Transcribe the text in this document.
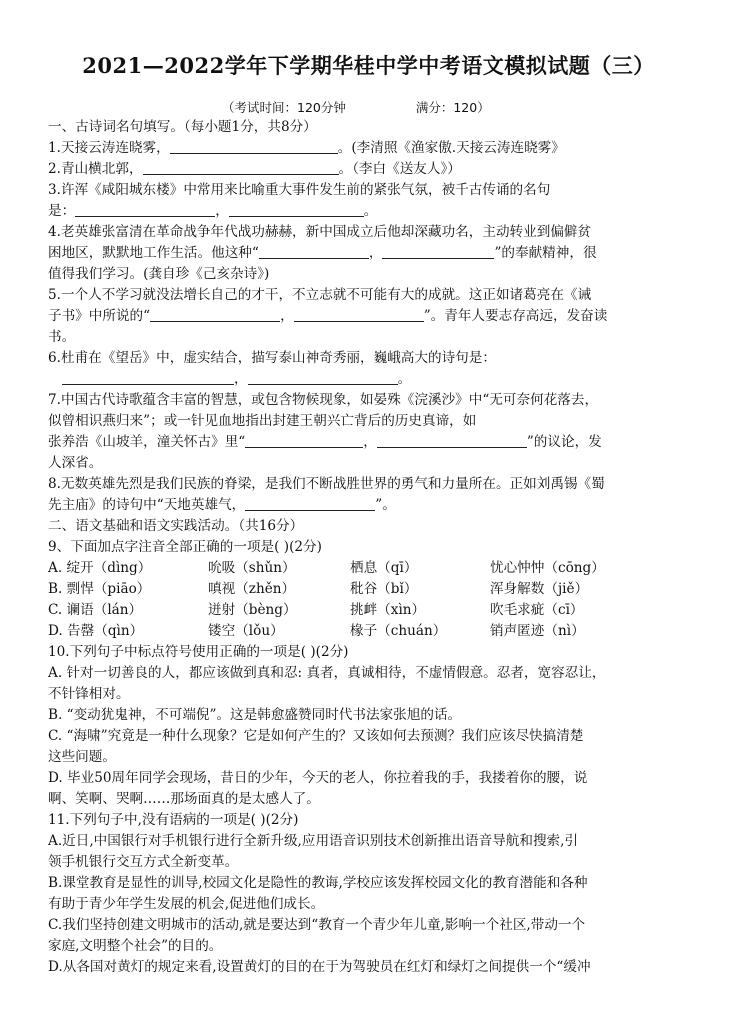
2021—2022学年下学期华桂中学中考语文模拟试题（三）
（考试时间：120分钟	满分：120）
一、古诗词名句填写。（每小题1分，共8分）
1.天接云涛连晓雾，	。(李清照《渔家傲.天接云涛连晓雾》
2.青山横北郭，	。（李白《送友人》）
3.许浑《咸阳城东楼》中常用来比喻重大事件发生前的紧张气氛，被千古传诵的名句
是：	，	。
4.老英雄张富清在革命战争年代战功赫赫，新中国成立后他却深藏功名，主动转业到偏僻贫
困地区，默默地工作生活。他这种“	，	”的奉献精神，很
值得我们学习。(龚自珍《己亥杂诗》)
5.一个人不学习就没法增长自己的才干，不立志就不可能有大的成就。这正如诸葛亮在《诫
子书》中所说的“	，	”。青年人要志存高远，发奋读
书。
6.杜甫在《望岳》中，虚实结合，描写泰山神奇秀丽，巍峨高大的诗句是：
，	。
7.中国古代诗歌蕴含丰富的智慧，或包含物候现象，如晏殊《浣溪沙》中“无可奈何花落去，
似曾相识燕归来”；或一针见血地指出封建王朝兴亡背后的历史真谛，如
张养浩《山坡羊，潼关怀古》里“	，	”的议论，发
人深省。
8.无数英雄先烈是我们民族的脊梁，是我们不断战胜世界的勇气和力量所在。正如刘禹锡《蜀
先主庙》的诗句中“天地英雄气，	”。
二、语文基础和语文实践活动。（共16分）
9、下面加点字注音全部正确的一项是( )(2分)
A. 绽开（dìng）	吮吸（shǔn）	栖息（qī）	忧心忡忡（cōng）
B. 剽悍（piāo）	嗔视（zhěn）	秕谷（bǐ）	浑身解数（jiě）
C. 谰语（lán）	迸射（bèng）	挑衅（xìn）	吹毛求疵（cī）
D. 告罄（qìn）	镂空（lǒu）	椽子（chuán）	销声匿迹（nì）
10.下列句子中标点符号使用正确的一项是( )(2分)
A. 针对一切善良的人，都应该做到真和忍: 真者，真诚相待，不虚情假意。忍者，宽容忍让，
不针锋相对。
B. “变动犹鬼神，不可端倪”。这是韩愈盛赞同时代书法家张旭的话。
C. “海啸”究竟是一种什么现象？它是如何产生的？又该如何去预测？我们应该尽快搞清楚
这些问题。
D. 毕业50周年同学会现场，昔日的少年，今天的老人，你拉着我的手，我搂着你的腰，说
啊、笑啊、哭啊……那场面真的是太感人了。
11.下列句子中,没有语病的一项是( )(2分)
A.近日,中国银行对手机银行进行全新升级,应用语音识别技术创新推出语音导航和搜索,引
领手机银行交互方式全新变革。
B.课堂教育是显性的训导,校园文化是隐性的教诲,学校应该发挥校园文化的教育潜能和各种
有助于青少年学生发展的机会,促进他们成长。
C.我们坚持创建文明城市的活动,就是要达到“教育一个青少年儿童,影响一个社区,带动一个
家庭,文明整个社会”的目的。
D.从各国对黄灯的规定来看,设置黄灯的目的在于为驾驶员在红灯和绿灯之间提供一个“缓冲
